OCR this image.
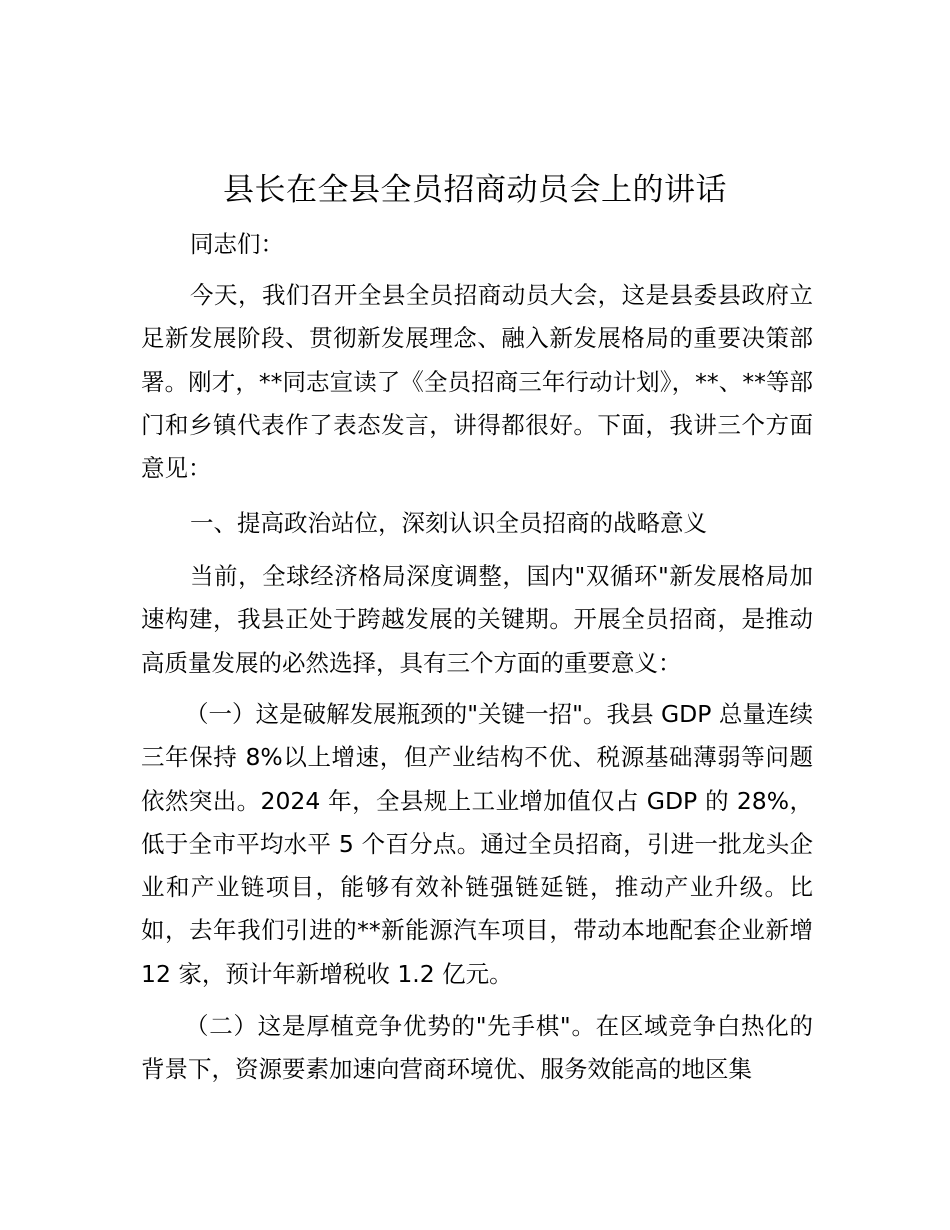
县长在全县全员招商动员会上的讲话
同志们：

今天，我们召开全县全员招商动员大会，这是县委县政府立足新发展阶段、贯彻新发展理念、融入新发展格局的重要决策部署。刚才，**同志宣读了《全员招商三年行动计划》，**、**等部门和乡镇代表作了表态发言，讲得都很好。下面，我讲三个方面意见：

一、提高政治站位，深刻认识全员招商的战略意义

当前，全球经济格局深度调整，国内"双循环"新发展格局加速构建，我县正处于跨越发展的关键期。开展全员招商，是推动高质量发展的必然选择，具有三个方面的重要意义：

（一）这是破解发展瓶颈的"关键一招"。我县 GDP 总量连续三年保持 8%以上增速，但产业结构不优、税源基础薄弱等问题依然突出。2024 年，全县规上工业增加值仅占 GDP 的 28%，低于全市平均水平 5 个百分点。通过全员招商，引进一批龙头企业和产业链项目，能够有效补链强链延链，推动产业升级。比如，去年我们引进的**新能源汽车项目，带动本地配套企业新增 12 家，预计年新增税收 1.2 亿元。

（二）这是厚植竞争优势的"先手棋"。在区域竞争白热化的背景下，资源要素加速向营商环境优、服务效能高的地区集
